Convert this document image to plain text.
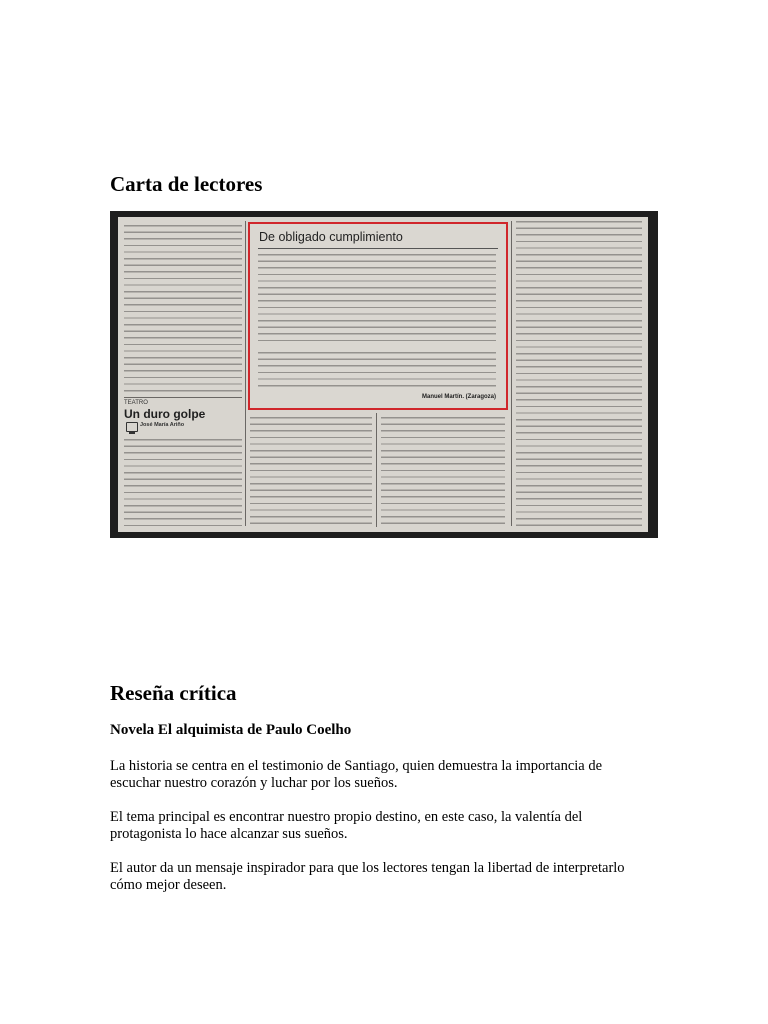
Carta de lectores
De obligado cumplimiento
Manuel Martín. (Zaragoza)
TEATRO
Un duro golpe
José María Ariño
Reseña crítica
Novela El alquimista de Paulo Coelho

La historia se centra en el testimonio de Santiago, quien demuestra la importancia de escuchar nuestro corazón y luchar por los sueños.

El tema principal es encontrar nuestro propio destino, en este caso, la valentía del protagonista lo hace alcanzar sus sueños.

El autor da un mensaje inspirador para que los lectores tengan la libertad de interpretarlo cómo mejor deseen.
